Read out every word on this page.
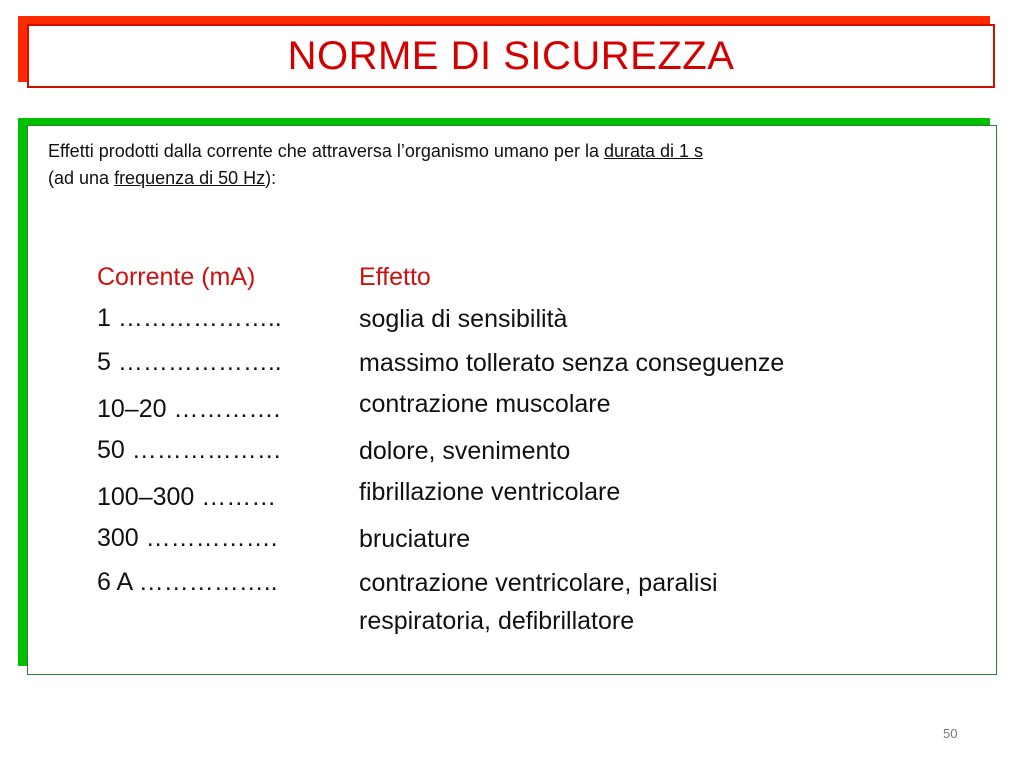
NORME DI SICUREZZA
Effetti prodotti dalla corrente che attraversa l’organismo umano per la durata di 1 s
(ad una frequenza di 50 Hz):
Corrente (mA)	Effetto
1 ………………..	soglia di sensibilità
5 ………………..	massimo tollerato senza conseguenze
10–20 ………….	contrazione muscolare
50 ………………	dolore, svenimento
100–300 ………	fibrillazione ventricolare
300 …………….	bruciature
6 A ……………..	contrazione ventricolare, paralisi
respiratoria, defibrillatore
50
